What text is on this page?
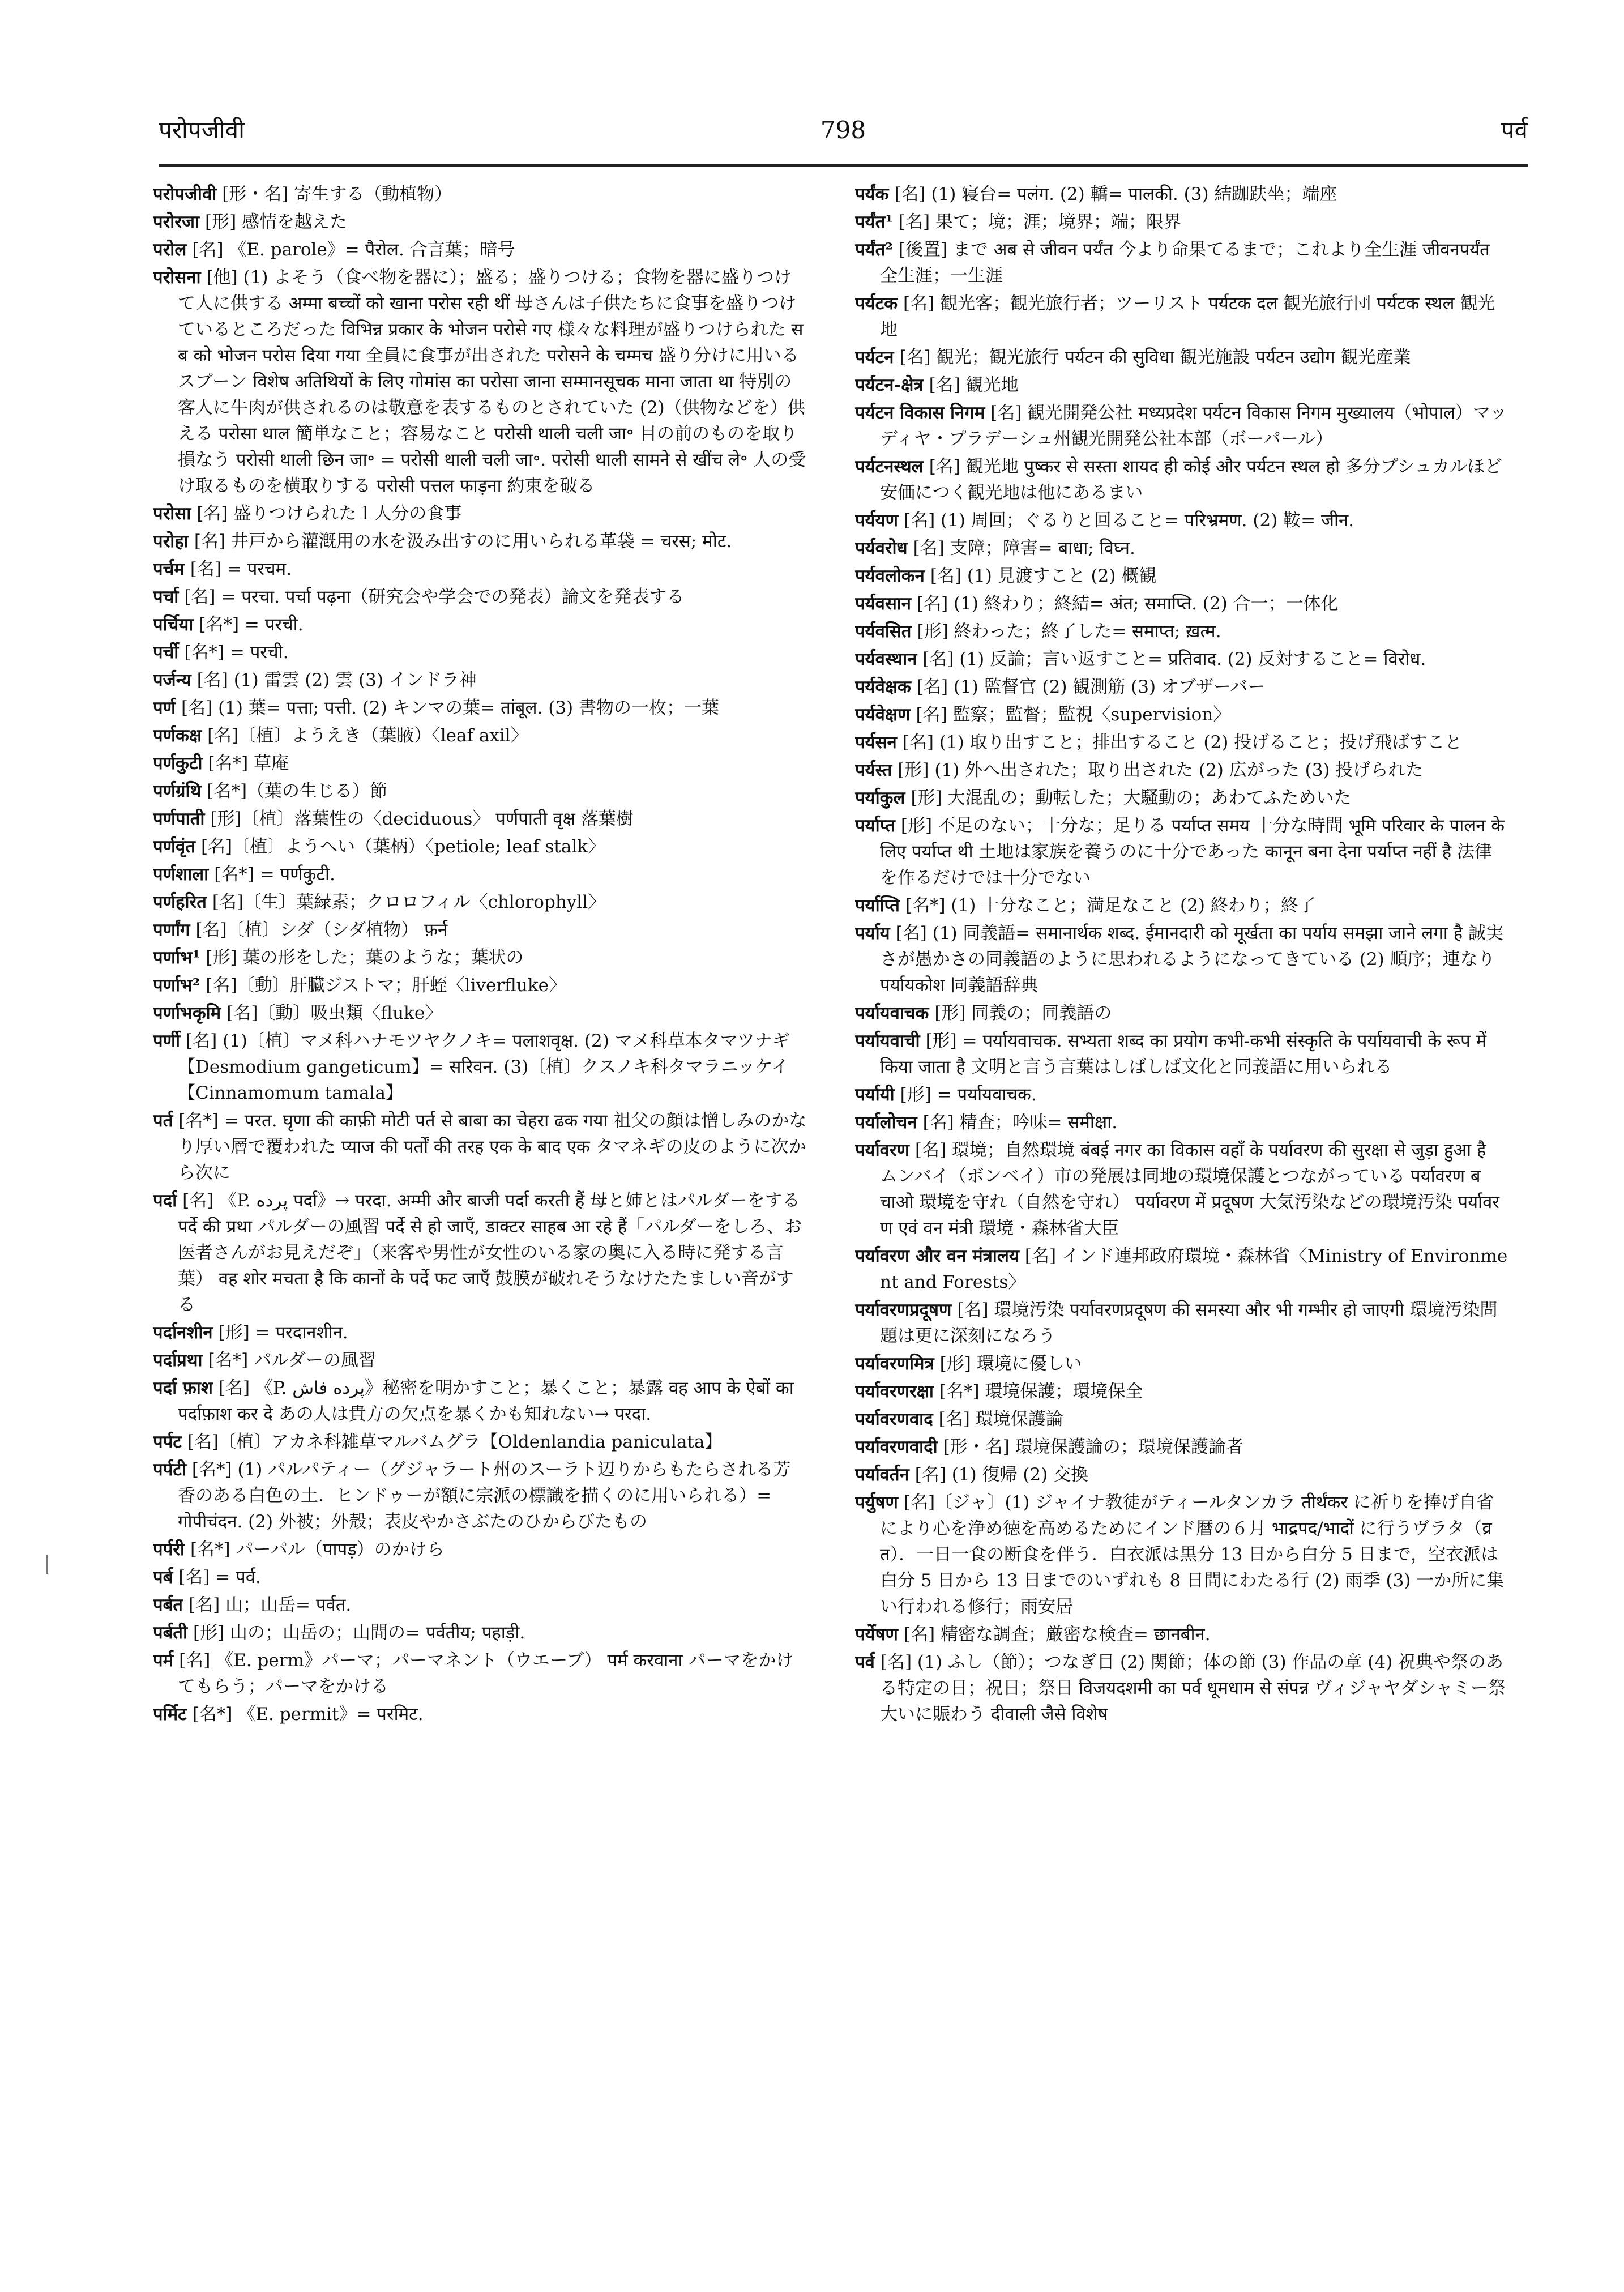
परोपजीवी	798	पर्व

परोपजीवी [形・名] 寄生する（動植物）

परोरजा [形] 感情を越えた

परोल [名] 《E. parole》= पैरोल. 合言葉；暗号

परोसना [他] (1) よそう（食べ物を器に）；盛る；盛りつける；食物を器に盛りつけて人に供する अम्मा बच्चों को खाना परोस रही थीं 母さんは子供たちに食事を盛りつけているところだった विभिन्न प्रकार के भोजन परोसे गए 様々な料理が盛りつけられた सब को भोजन परोस दिया गया 全員に食事が出された परोसने के चम्मच 盛り分けに用いるスプーン विशेष अतिथियों के लिए गोमांस का परोसा जाना सम्मानसूचक माना जाता था 特別の客人に牛肉が供されるのは敬意を表するものとされていた (2)（供物などを）供える परोसा थाल 簡単なこと；容易なこと परोसी थाली चली जा॰ 目の前のものを取り損なう परोसी थाली छिन जा॰ = परोसी थाली चली जा॰. परोसी थाली सामने से खींच ले॰ 人の受け取るものを横取りする परोसी पत्तल फाड़ना 約束を破る

परोसा [名] 盛りつけられた１人分の食事

परोहा [名] 井戸から灌漑用の水を汲み出すのに用いられる革袋 = चरस; मोट.

पर्चम [名] = परचम.

पर्चा [名] = परचा. पर्चा पढ़ना（研究会や学会での発表）論文を発表する

पर्चिया [名*] = परची.

पर्ची [名*] = परची.

पर्जन्य [名] (1) 雷雲 (2) 雲 (3) インドラ神

पर्ण [名] (1) 葉= पत्ता; पत्ती. (2) キンマの葉= तांबूल. (3) 書物の一枚；一葉

पर्णकक्ष [名]〔植〕ようえき（葉腋）〈leaf axil〉

पर्णकुटी [名*] 草庵

पर्णग्रंथि [名*]（葉の生じる）節

पर्णपाती [形]〔植〕落葉性の〈deciduous〉 पर्णपाती वृक्ष 落葉樹

पर्णवृंत [名]〔植〕ようへい（葉柄）〈petiole; leaf stalk〉

पर्णशाला [名*] = पर्णकुटी.

पर्णहरित [名]〔生〕葉緑素；クロロフィル〈chlorophyll〉

पर्णांग [名]〔植〕シダ（シダ植物） फ़र्न

पर्णाभ¹ [形] 葉の形をした；葉のような；葉状の

पर्णाभ² [名]〔動〕肝臓ジストマ；肝蛭〈liverfluke〉

पर्णाभकृमि [名]〔動〕吸虫類〈fluke〉

पर्णी [名] (1)〔植〕マメ科ハナモツヤクノキ= पलाशवृक्ष. (2) マメ科草本タマツナギ【Desmodium gangeticum】= सरिवन. (3)〔植〕クスノキ科タマラニッケイ【Cinnamomum tamala】

पर्त [名*] = परत. घृणा की काफ़ी मोटी पर्त से बाबा का चेहरा ढक गया 祖父の顔は憎しみのかなり厚い層で覆われた प्याज की पर्तों की तरह एक के बाद एक タマネギの皮のように次から次に

पर्दा [名] 《P. پرده पर्दा》→ परदा. अम्मी और बाजी पर्दा करती हैं 母と姉とはパルダーをする पर्दे की प्रथा パルダーの風習 पर्दे से हो जाएँ, डाक्टर साहब आ रहे हैं「パルダーをしろ、お医者さんがお見えだぞ」（来客や男性が女性のいる家の奥に入る時に発する言葉） वह शोर मचता है कि कानों के पर्दे फट जाएँ 鼓膜が破れそうなけたたましい音がする

पर्दानशीन [形] = परदानशीन.

पर्दाप्रथा [名*] パルダーの風習

पर्दा फ़ाश [名] 《P. پرده فاش》秘密を明かすこと；暴くこと；暴露 वह आप के ऐबों का पर्दाफ़ाश कर दे あの人は貴方の欠点を暴くかも知れない→ परदा.

पर्पट [名]〔植〕アカネ科雑草マルバムグラ【Oldenlandia paniculata】

पर्पटी [名*] (1) パルパティー（グジャラート州のスーラト辺りからもたらされる芳香のある白色の土．ヒンドゥーが額に宗派の標識を描くのに用いられる）= गोपीचंदन. (2) 外被；外殻；表皮やかさぶたのひからびたもの

पर्परी [名*] パーパル（पापड़）のかけら

पर्ब [名] = पर्व.

पर्बत [名] 山；山岳= पर्वत.

पर्बती [形] 山の；山岳の；山間の= पर्वतीय; पहाड़ी.

पर्म [名] 《E. perm》パーマ；パーマネント（ウエーブ） पर्म करवाना パーマをかけてもらう；パーマをかける

पर्मिट [名*] 《E. permit》= परमिट.

पर्यंक [名] (1) 寝台= पलंग. (2) 轎= पालकी. (3) 結跏趺坐；端座

पर्यंत¹ [名] 果て；境；涯；境界；端；限界

पर्यंत² [後置] まで अब से जीवन पर्यंत 今より命果てるまで；これより全生涯 जीवनपर्यंत 全生涯；一生涯

पर्यटक [名] 観光客；観光旅行者；ツーリスト पर्यटक दल 観光旅行団 पर्यटक स्थल 観光地

पर्यटन [名] 観光；観光旅行 पर्यटन की सुविधा 観光施設 पर्यटन उद्योग 観光産業

पर्यटन-क्षेत्र [名] 観光地

पर्यटन विकास निगम [名] 観光開発公社 मध्यप्रदेश पर्यटन विकास निगम मुख्यालय（भोपाल）マッディヤ・プラデーシュ州観光開発公社本部（ボーパール）

पर्यटनस्थल [名] 観光地 पुष्कर से सस्ता शायद ही कोई और पर्यटन स्थल हो 多分プシュカルほど安価につく観光地は他にあるまい

पर्ययण [名] (1) 周回；ぐるりと回ること= परिभ्रमण. (2) 鞍= जीन.

पर्यवरोध [名] 支障；障害= बाधा; विघ्न.

पर्यवलोकन [名] (1) 見渡すこと (2) 概観

पर्यवसान [名] (1) 終わり；終結= अंत; समाप्ति. (2) 合一；一体化

पर्यवसित [形] 終わった；終了した= समाप्त; ख़त्म.

पर्यवस्थान [名] (1) 反論；言い返すこと= प्रतिवाद. (2) 反対すること= विरोध.

पर्यवेक्षक [名] (1) 監督官 (2) 観測筋 (3) オブザーバー

पर्यवेक्षण [名] 監察；監督；監視〈supervision〉

पर्यसन [名] (1) 取り出すこと；排出すること (2) 投げること；投げ飛ばすこと

पर्यस्त [形] (1) 外へ出された；取り出された (2) 広がった (3) 投げられた

पर्याकुल [形] 大混乱の；動転した；大騒動の；あわてふためいた

पर्याप्त [形] 不足のない；十分な；足りる पर्याप्त समय 十分な時間 भूमि परिवार के पालन के लिए पर्याप्त थी 土地は家族を養うのに十分であった कानून बना देना पर्याप्त नहीं है 法律を作るだけでは十分でない

पर्याप्ति [名*] (1) 十分なこと；満足なこと (2) 終わり；終了

पर्याय [名] (1) 同義語= समानार्थक शब्द. ईमानदारी को मूर्खता का पर्याय समझा जाने लगा है 誠実さが愚かさの同義語のように思われるようになってきている (2) 順序；連なり पर्यायकोश 同義語辞典

पर्यायवाचक [形] 同義の；同義語の

पर्यायवाची [形] = पर्यायवाचक. सभ्यता शब्द का प्रयोग कभी-कभी संस्कृति के पर्यायवाची के रूप में किया जाता है 文明と言う言葉はしばしば文化と同義語に用いられる

पर्यायी [形] = पर्यायवाचक.

पर्यालोचन [名] 精査；吟味= समीक्षा.

पर्यावरण [名] 環境；自然環境 बंबई नगर का विकास वहाँ के पर्यावरण की सुरक्षा से जुड़ा हुआ है ムンバイ（ボンベイ）市の発展は同地の環境保護とつながっている पर्यावरण बचाओ 環境を守れ（自然を守れ） पर्यावरण में प्रदूषण 大気汚染などの環境汚染 पर्यावरण एवं वन मंत्री 環境・森林省大臣

पर्यावरण और वन मंत्रालय [名] インド連邦政府環境・森林省〈Ministry of Environment and Forests〉

पर्यावरणप्रदूषण [名] 環境汚染 पर्यावरणप्रदूषण की समस्या और भी गम्भीर हो जाएगी 環境汚染問題は更に深刻になろう

पर्यावरणमित्र [形] 環境に優しい

पर्यावरणरक्षा [名*] 環境保護；環境保全

पर्यावरणवाद [名] 環境保護論

पर्यावरणवादी [形・名] 環境保護論の；環境保護論者

पर्यावर्तन [名] (1) 復帰 (2) 交換

पर्युषण [名]〔ジャ〕(1) ジャイナ教徒がティールタンカラ तीर्थंकर に祈りを捧げ自省により心を浄め徳を高めるためにインド暦の６月 भाद्रपद/भादों に行うヴラタ（व्रत）．一日一食の断食を伴う．白衣派は黒分 13 日から白分 5 日まで，空衣派は白分 5 日から 13 日までのいずれも 8 日間にわたる行 (2) 雨季 (3) 一か所に集い行われる修行；雨安居

पर्येषण [名] 精密な調査；厳密な検査= छानबीन.

पर्व [名] (1) ふし（節）；つなぎ目 (2) 関節；体の節 (3) 作品の章 (4) 祝典や祭のある特定の日；祝日；祭日 विजयदशमी का पर्व धूमधाम से संपन्न ヴィジャヤダシャミー祭大いに賑わう दीवाली जैसे विशेष
